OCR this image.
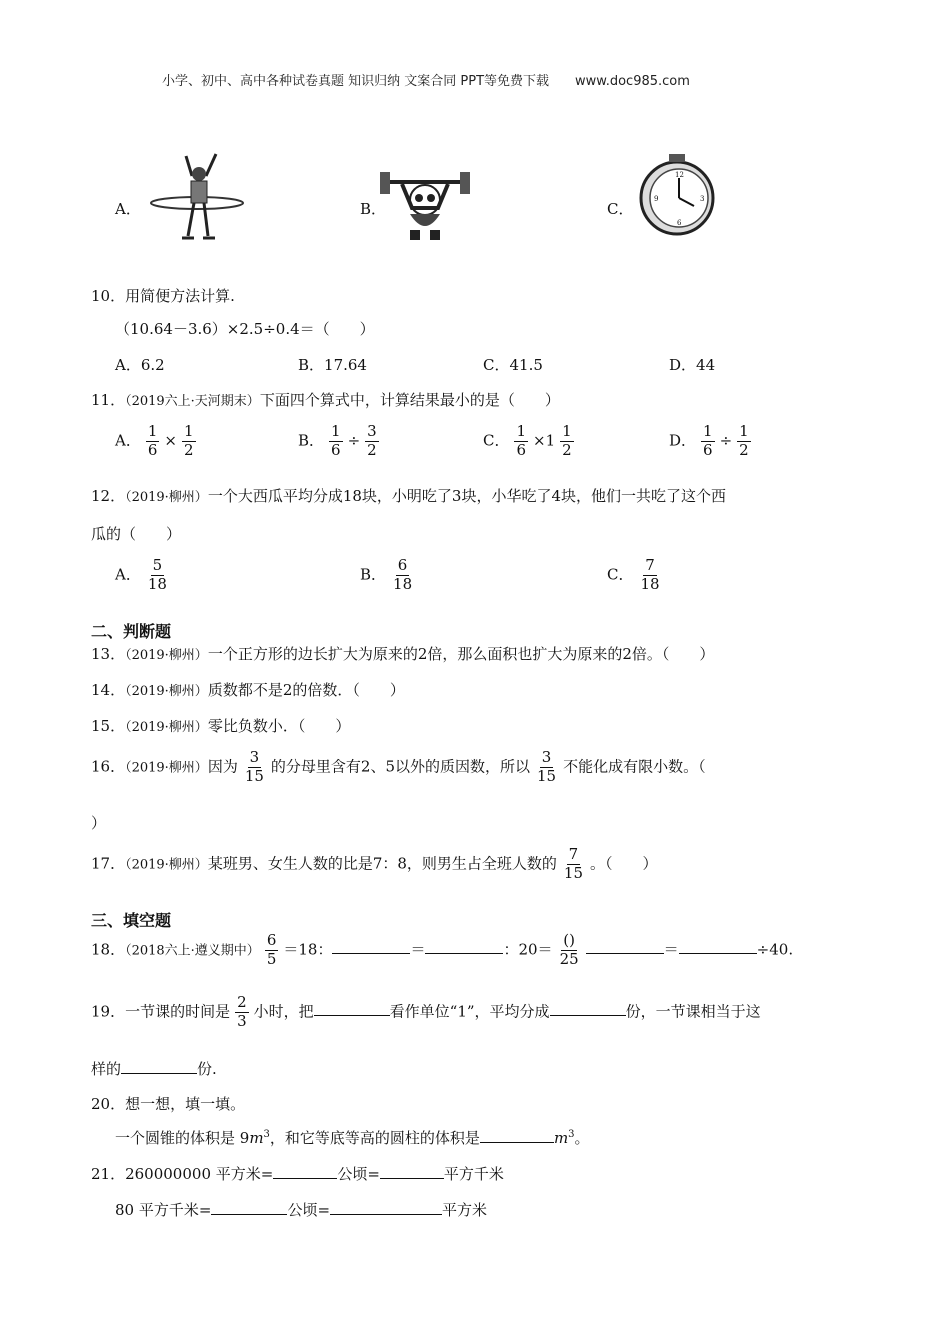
小学、初中、高中各种试卷真题 知识归纳 文案合同 PPT等免费下载　　www.doc985.com
A．	B．	C．
12
3
6
9
10．用简便方法计算.
（10.64－3.6）×2.5÷0.4＝（　　）
A．6.2	B．17.64	C．41.5	D．44
11．（2019六上·天河期末）下面四个算式中，计算结果最小的是（　　）
A． $\frac{1}{6} \times \frac{1}{2}$	B． $\frac{1}{6} \div \frac{3}{2}$	C． $\frac{1}{6} \times 1 \frac{1}{2}$	D． $\frac{1}{6} \div \frac{1}{2}$
12．（2019·柳州）一个大西瓜平均分成18块，小明吃了3块，小华吃了4块，他们一共吃了这个西
瓜的（　　）
A． $\frac{5}{18}$	B． $\frac{6}{18}$	C． $\frac{7}{18}$
二、判断题
13．（2019·柳州）一个正方形的边长扩大为原来的2倍，那么面积也扩大为原来的2倍。（　　）
14．（2019·柳州）质数都不是2的倍数．（　　）
15．（2019·柳州）零比负数小．（　　）
16．（2019·柳州）因为 $\frac{3}{15}$ 的分母里含有2、5以外的质因数，所以 $\frac{3}{15}$ 不能化成有限小数。（
）
17．（2019·柳州）某班男、女生人数的比是7：8，则男生占全班人数的 $\frac{7}{15}$ 。（　　）
三、填空题
18．（2018六上·遵义期中） $\frac{6}{5} =18$：	＝	：$20= \frac{()}{25}$	＝	÷40.
19．一节课的时间是 $\frac{2}{3}$ 小时，把	看作单位“1”，平均分成	份，一节课相当于这
样的	份.
20．想一想，填一填。
一个圆锥的体积是 $9m^3$，和它等底等高的圆柱的体积是	$m^3$。
21．260000000 平方米=	公顷=	平方千米
80 平方千米=	公顷=	平方米
